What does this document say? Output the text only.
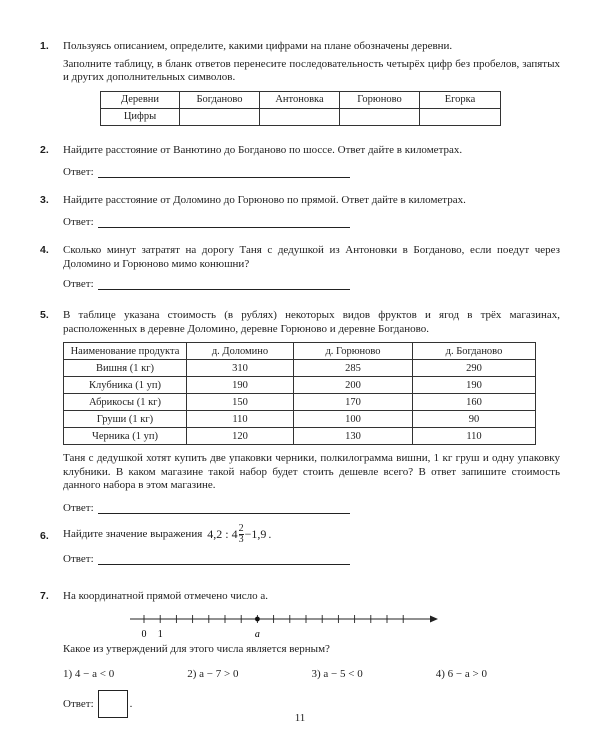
1. Пользуясь описанием, определите, какими цифрами на плане обозначены деревни.

Заполните таблицу, в бланк ответов перенесите последовательность четырёх цифр без пробелов, запятых и других дополнительных символов.

Деревни	Богданово	Антоновка	Горюново	Егорка
Цифры				
2. Найдите расстояние от Ванютино до Богданово по шоссе. Ответ дайте в километрах.

Ответ:
3. Найдите расстояние от Доломино до Горюново по прямой. Ответ дайте в километрах.

Ответ:
4. Сколько минут затратят на дорогу Таня с дедушкой из Антоновки в Богданово, если поедут через Доломино и Горюново мимо конюшни?

Ответ:
5. В таблице указана стоимость (в рублях) некоторых видов фруктов и ягод в трёх магазинах, расположенных в деревне Доломино, деревне Горюново и деревне Богданово.

Наименование продукта	д. Доломино	д. Горюново	д. Богданово
Вишня (1 кг)	310	285	290
Клубника (1 уп)	190	200	190
Абрикосы (1 кг)	150	170	160
Груши (1 кг)	110	100	90
Черника (1 уп)	120	130	110

Таня с дедушкой хотят купить две упаковки черники, полкилограмма вишни, 1 кг груш и одну упаковку клубники. В каком магазине такой набор будет стоить дешевле всего? В ответ запишите стоимость данного набора в этом магазине.

Ответ:
6. Найдите значение выражения 4,2 : $4 \frac{2}{3} -1,9$ .
Ответ:
7. На координатной прямой отмечено число a.

0 1	a

Какое из утверждений для этого числа является верным?

1) 4 − a < 0	2) a − 7 > 0	3) a − 5 < 0	4) 6 − a > 0
Ответ:	.
11
